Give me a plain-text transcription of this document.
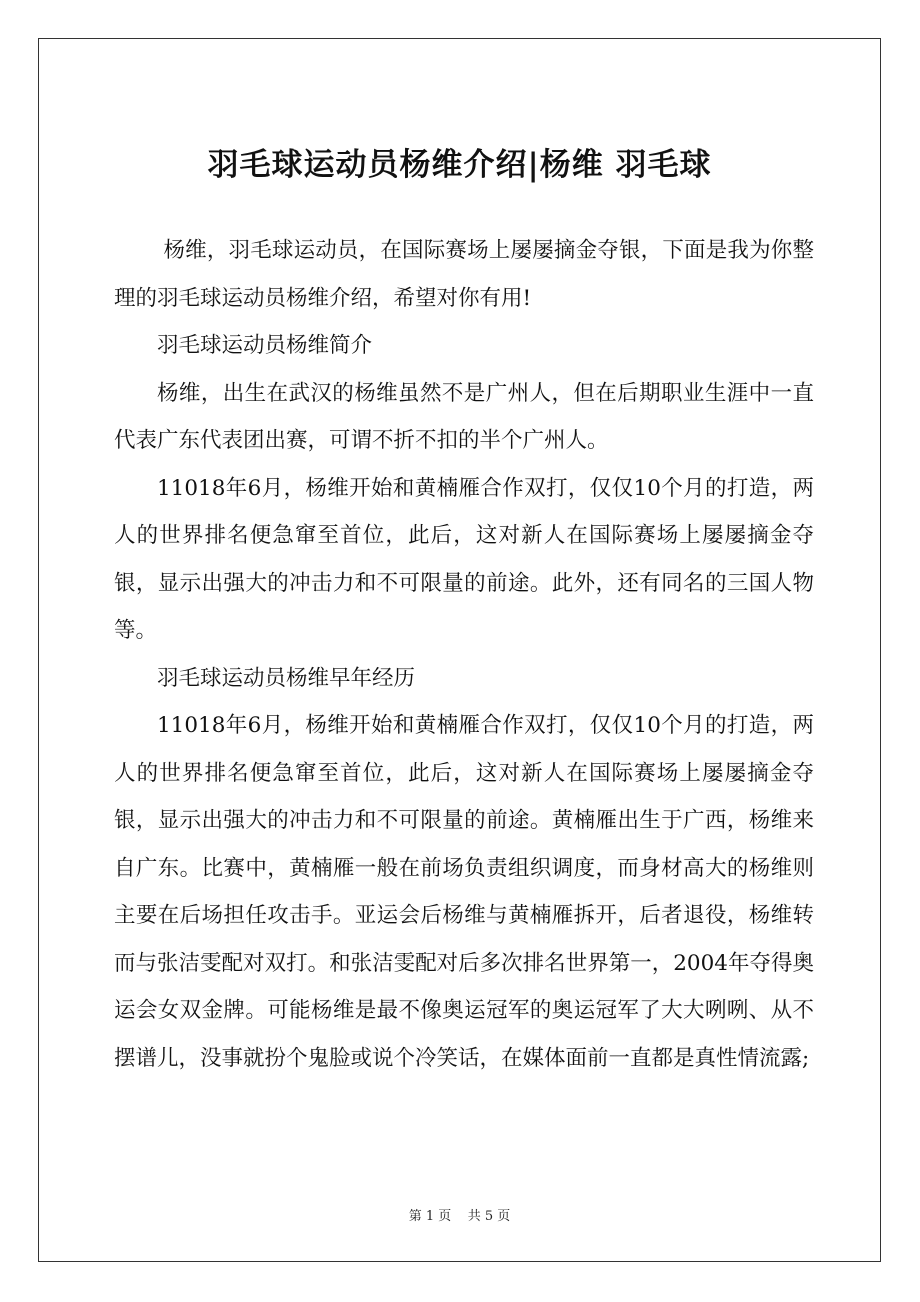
羽毛球运动员杨维介绍|杨维 羽毛球

杨维，羽毛球运动员，在国际赛场上屡屡摘金夺银，下面是我为你整理的羽毛球运动员杨维介绍，希望对你有用!

羽毛球运动员杨维简介

杨维，出生在武汉的杨维虽然不是广州人，但在后期职业生涯中一直代表广东代表团出赛，可谓不折不扣的半个广州人。

11018年6月，杨维开始和黄楠雁合作双打，仅仅10个月的打造，两人的世界排名便急窜至首位，此后，这对新人在国际赛场上屡屡摘金夺银，显示出强大的冲击力和不可限量的前途。此外，还有同名的三国人物等。

羽毛球运动员杨维早年经历

11018年6月，杨维开始和黄楠雁合作双打，仅仅10个月的打造，两人的世界排名便急窜至首位，此后，这对新人在国际赛场上屡屡摘金夺银，显示出强大的冲击力和不可限量的前途。黄楠雁出生于广西，杨维来自广东。比赛中，黄楠雁一般在前场负责组织调度，而身材高大的杨维则主要在后场担任攻击手。亚运会后杨维与黄楠雁拆开，后者退役，杨维转而与张洁雯配对双打。和张洁雯配对后多次排名世界第一，2004年夺得奥运会女双金牌。可能杨维是最不像奥运冠军的奥运冠军了大大咧咧、从不摆谱儿，没事就扮个鬼脸或说个冷笑话，在媒体面前一直都是真性情流露;

第 1 页 共 5 页
